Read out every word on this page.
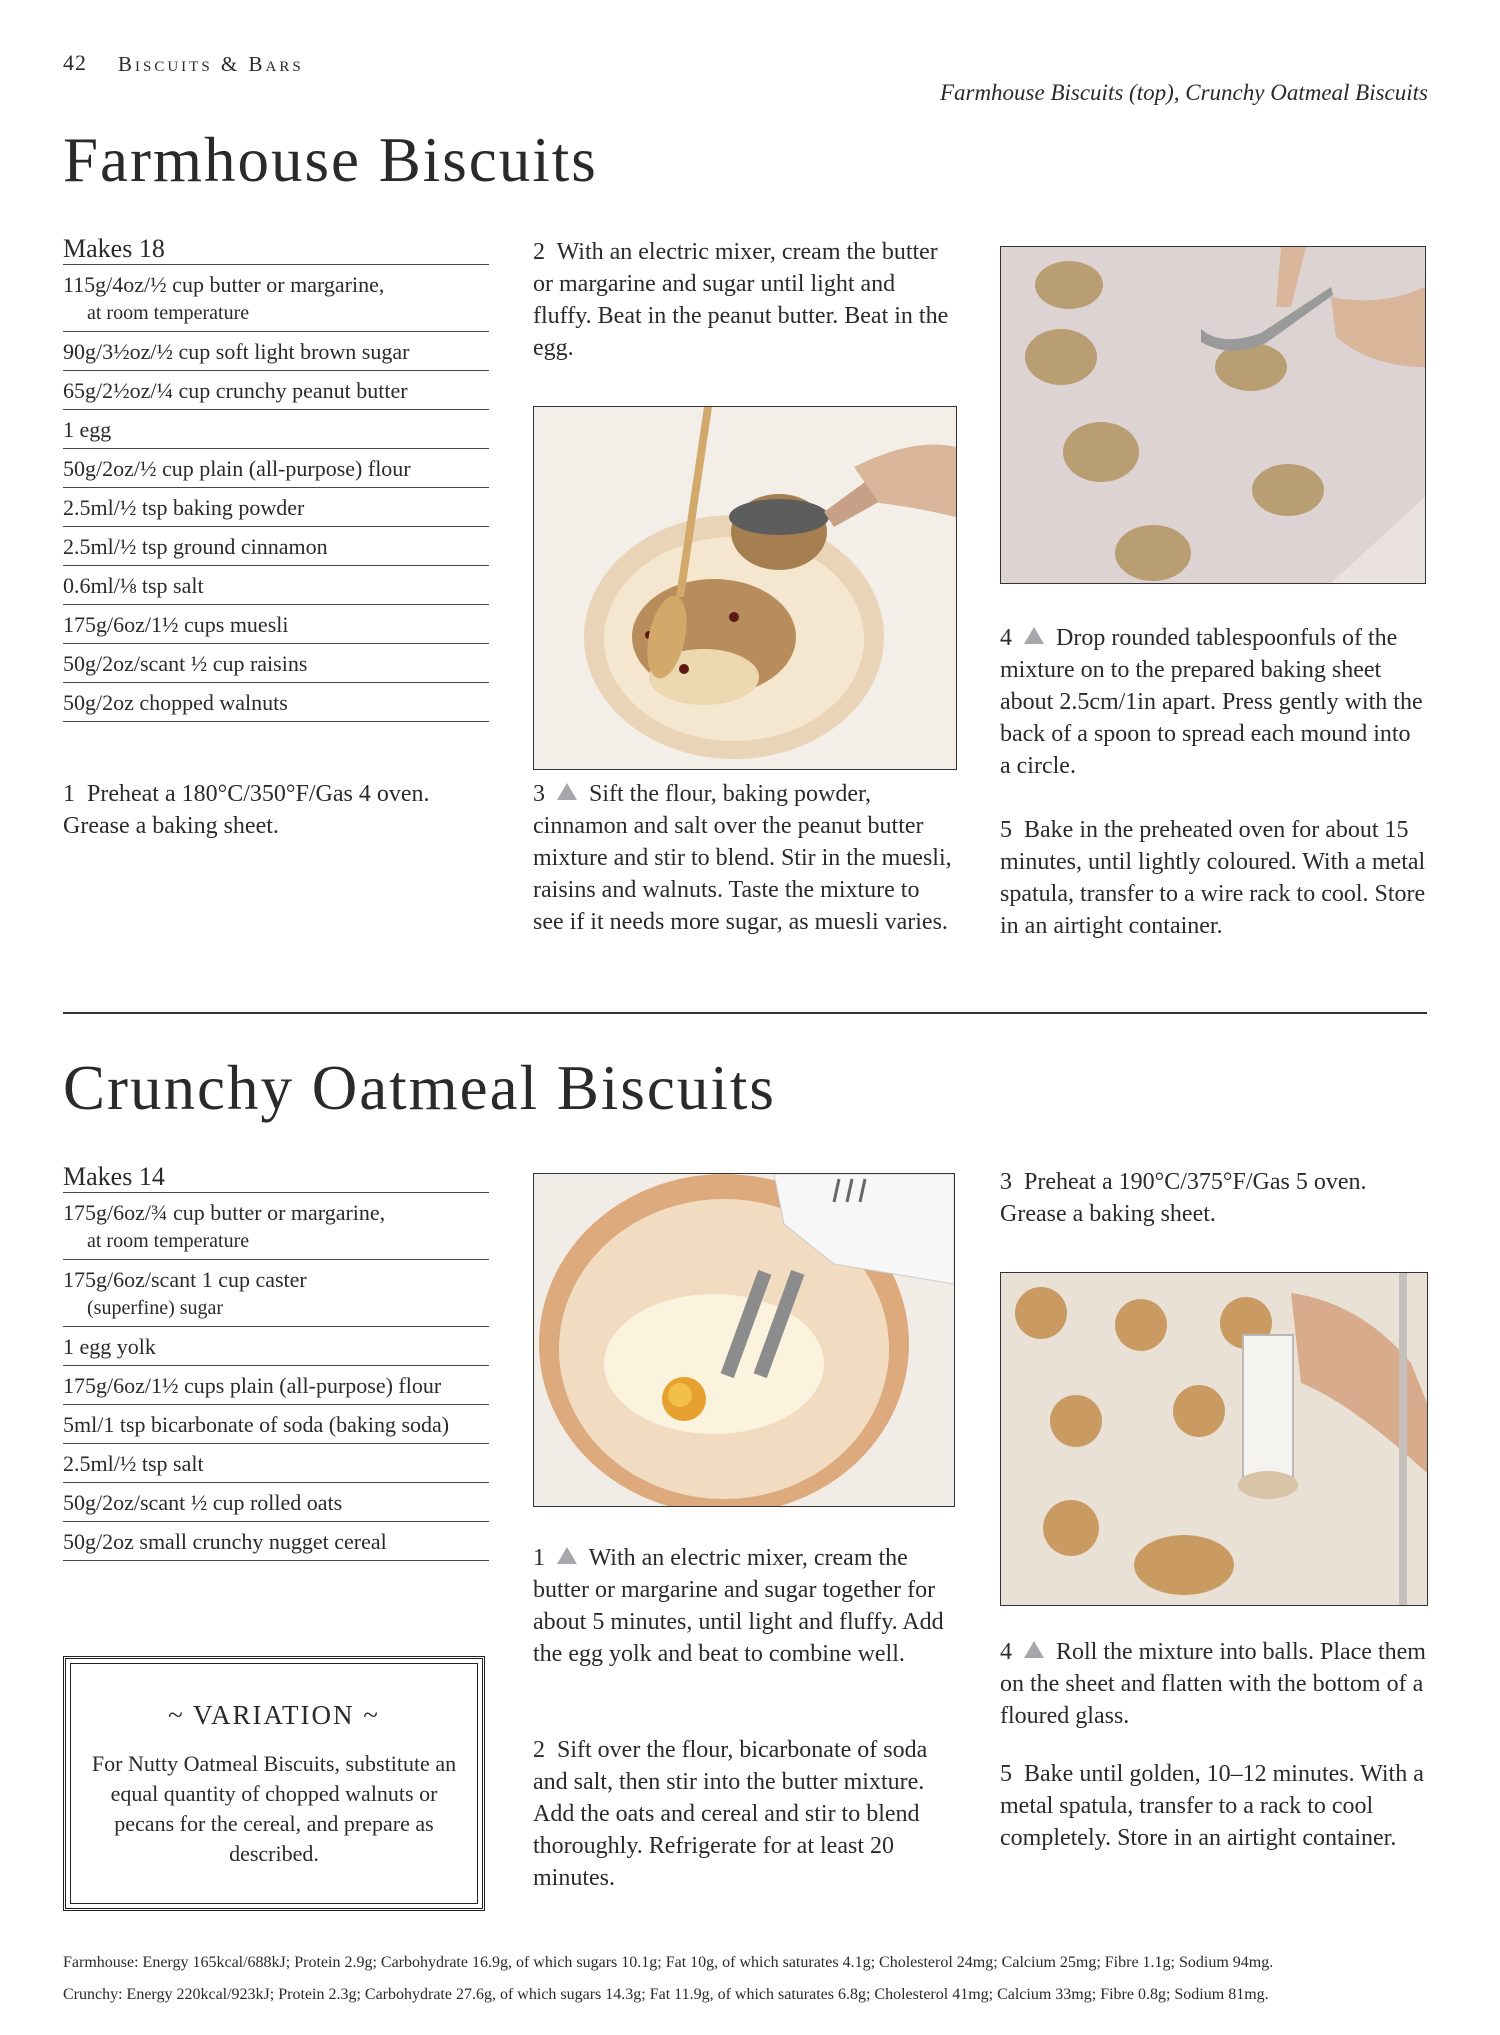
42 Biscuits & Bars
Farmhouse Biscuits (top), Crunchy Oatmeal Biscuits
Farmhouse Biscuits
Makes 18
115g/4oz/½ cup butter or margarine,
at room temperature
90g/3½oz/½ cup soft light brown sugar
65g/2½oz/¼ cup crunchy peanut butter
1 egg
50g/2oz/½ cup plain (all-purpose) flour
2.5ml/½ tsp baking powder
2.5ml/½ tsp ground cinnamon
0.6ml/⅛ tsp salt
175g/6oz/1½ cups muesli
50g/2oz/scant ½ cup raisins
50g/2oz chopped walnuts

1 Preheat a 180°C/350°F/Gas 4 oven. Grease a baking sheet.

2 With an electric mixer, cream the butter or margarine and sugar until light and fluffy. Beat in the peanut butter. Beat in the egg.

3 Sift the flour, baking powder, cinnamon and salt over the peanut butter mixture and stir to blend. Stir in the muesli, raisins and walnuts. Taste the mixture to see if it needs more sugar, as muesli varies.

4 Drop rounded tablespoonfuls of the mixture on to the prepared baking sheet about 2.5cm/1in apart. Press gently with the back of a spoon to spread each mound into a circle.

5 Bake in the preheated oven for about 15 minutes, until lightly coloured. With a metal spatula, transfer to a wire rack to cool. Store in an airtight container.

Crunchy Oatmeal Biscuits
Makes 14
175g/6oz/¾ cup butter or margarine,
at room temperature
175g/6oz/scant 1 cup caster
(superfine) sugar
1 egg yolk
175g/6oz/1½ cups plain (all-purpose) flour
5ml/1 tsp bicarbonate of soda (baking soda)
2.5ml/½ tsp salt
50g/2oz/scant ½ cup rolled oats
50g/2oz small crunchy nugget cereal
~ VARIATION ~
For Nutty Oatmeal Biscuits, substitute an equal quantity of chopped walnuts or pecans for the cereal, and prepare as described.

1 With an electric mixer, cream the butter or margarine and sugar together for about 5 minutes, until light and fluffy. Add the egg yolk and beat to combine well.

2 Sift over the flour, bicarbonate of soda and salt, then stir into the butter mixture. Add the oats and cereal and stir to blend thoroughly. Refrigerate for at least 20 minutes.

3 Preheat a 190°C/375°F/Gas 5 oven. Grease a baking sheet.

4 Roll the mixture into balls. Place them on the sheet and flatten with the bottom of a floured glass.

5 Bake until golden, 10–12 minutes. With a metal spatula, transfer to a rack to cool completely. Store in an airtight container.

Farmhouse: Energy 165kcal/688kJ; Protein 2.9g; Carbohydrate 16.9g, of which sugars 10.1g; Fat 10g, of which saturates 4.1g; Cholesterol 24mg; Calcium 25mg; Fibre 1.1g; Sodium 94mg.
Crunchy: Energy 220kcal/923kJ; Protein 2.3g; Carbohydrate 27.6g, of which sugars 14.3g; Fat 11.9g, of which saturates 6.8g; Cholesterol 41mg; Calcium 33mg; Fibre 0.8g; Sodium 81mg.
